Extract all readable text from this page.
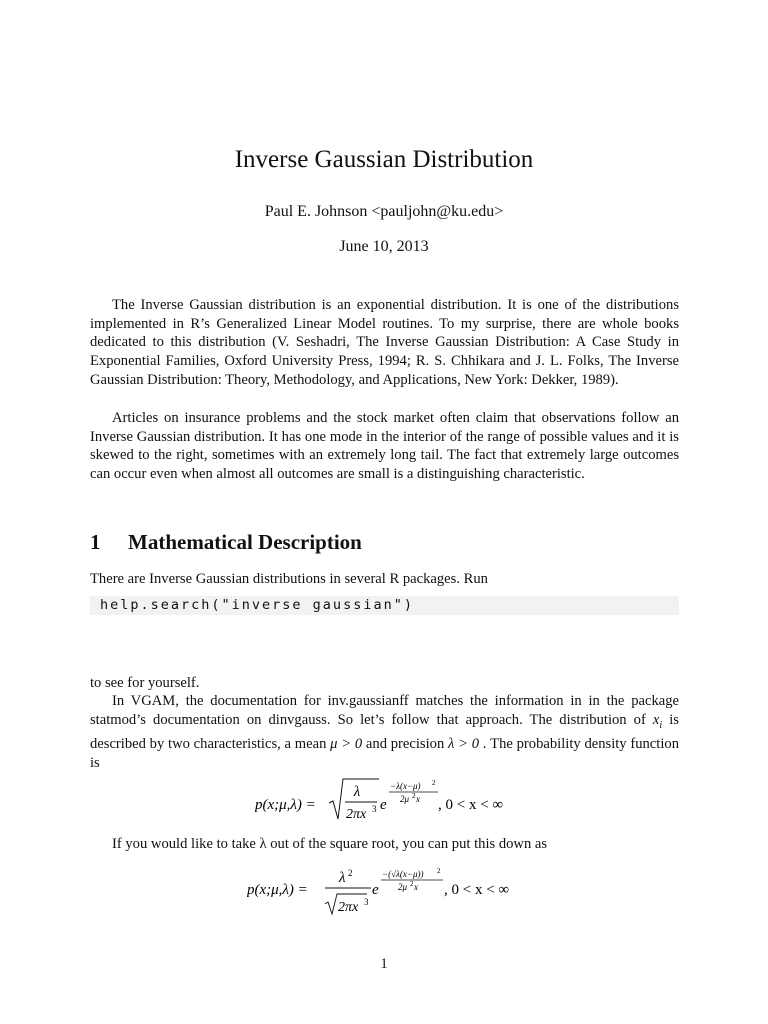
Inverse Gaussian Distribution
Paul E. Johnson <pauljohn@ku.edu>
June 10, 2013

The Inverse Gaussian distribution is an exponential distribution. It is one of the distributions implemented in R’s Generalized Linear Model routines. To my surprise, there are whole books dedicated to this distribution (V. Seshadri, The Inverse Gaussian Distribution: A Case Study in Exponential Families, Oxford University Press, 1994; R. S. Chhikara and J. L. Folks, The Inverse Gaussian Distribution: Theory, Methodology, and Applications, New York: Dekker, 1989).

Articles on insurance problems and the stock market often claim that observations follow an Inverse Gaussian distribution. It has one mode in the interior of the range of possible values and it is skewed to the right, sometimes with an extremely long tail. The fact that extremely large outcomes can occur even when almost all outcomes are small is a distinguishing characteristic.

1 Mathematical Description

There are Inverse Gaussian distributions in several R packages. Run

help.search("inverse gaussian")

to see for yourself.

In VGAM, the documentation for inv.gaussianff matches the information in in the package statmod’s documentation on dinvgauss. So let’s follow that approach. The distribution of $x_i$ is described by two characteristics, a mean μ > 0 and precision λ > 0 . The probability density function is

p(x;μ,λ) =
λ
2πx 3 e
−λ(x−μ) 2
2μ 2 x , 0 < x < ∞

If you would like to take λ out of the square root, you can put this down as

p(x;μ,λ) =
λ 2
2πx 3
e
−(√λ(x−μ)) 2
2μ 2 x , 0 < x < ∞
1
